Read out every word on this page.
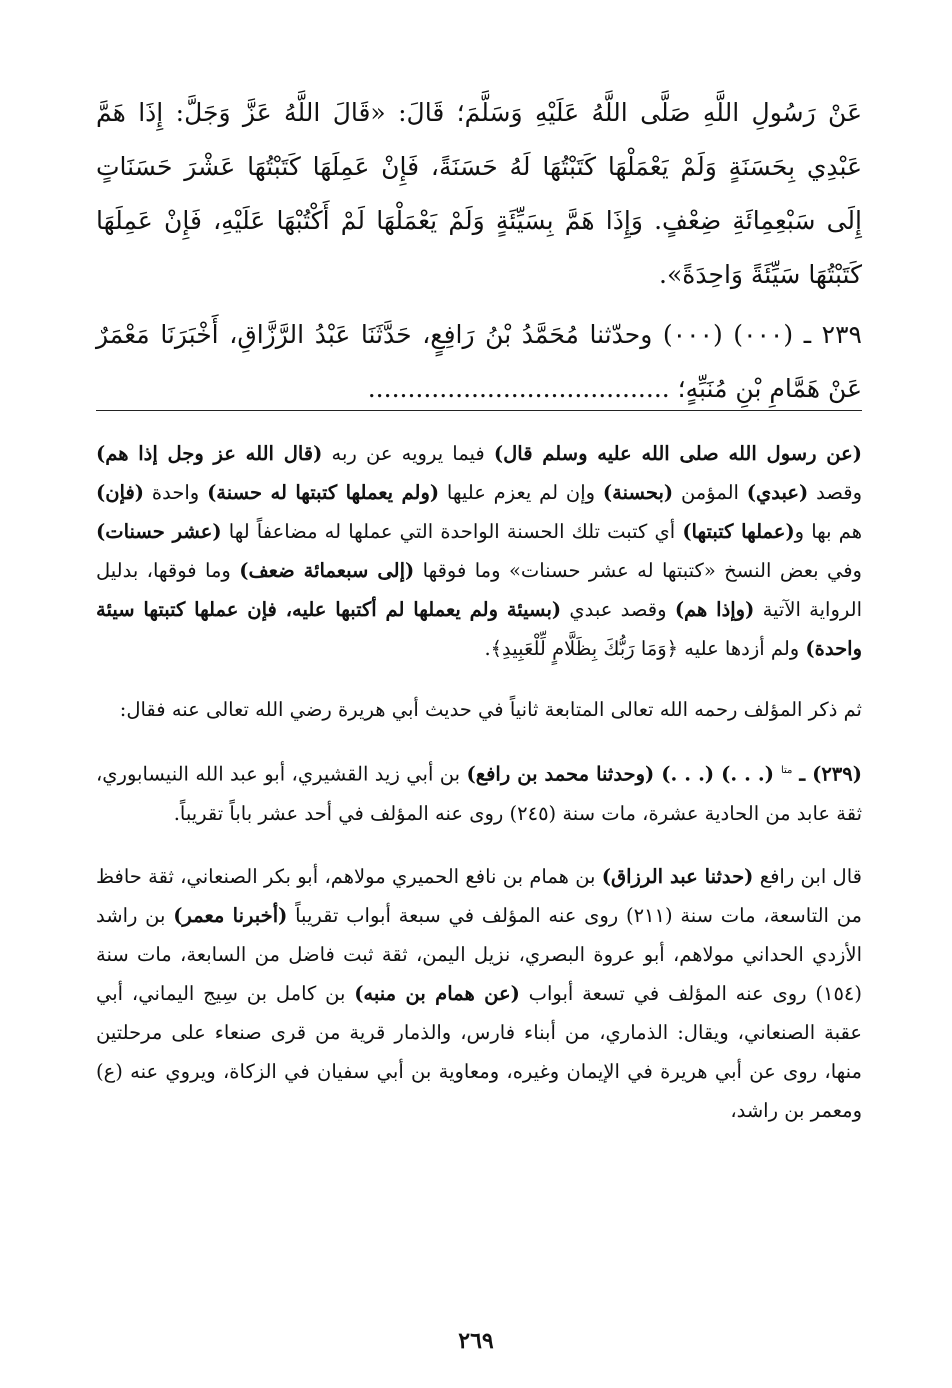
عَنْ رَسُولِ اللَّهِ صَلَّى اللَّهُ عَلَيْهِ وَسَلَّمَ؛ قَالَ: «قَالَ اللَّهُ عَزَّ وَجَلَّ: إِذَا هَمَّ عَبْدِي بِحَسَنَةٍ وَلَمْ يَعْمَلْهَا كَتَبْتُهَا لَهُ حَسَنَةً، فَإِنْ عَمِلَهَا كَتَبْتُهَا عَشْرَ حَسَنَاتٍ إِلَى سَبْعِمِائَةِ ضِعْفٍ. وَإِذَا هَمَّ بِسَيِّئَةٍ وَلَمْ يَعْمَلْهَا لَمْ أَكْتُبْهَا عَلَيْهِ، فَإِنْ عَمِلَهَا كَتَبْتُهَا سَيِّئَةً وَاحِدَةً».

٢٣٩ ـ (٠٠٠) (٠٠٠) وحدّثنا مُحَمَّدُ بْنُ رَافِعٍ، حَدَّثَنَا عَبْدُ الرَّزَّاقِ، أَخْبَرَنَا مَعْمَرٌ عَنْ هَمَّامِ بْنِ مُنَبِّهٍ؛ ......................................

(عن رسول الله صلى الله عليه وسلم قال) فيما يرويه عن ربه (قال الله عز وجل إذا هم) وقصد (عبدي) المؤمن (بحسنة) وإن لم يعزم عليها (ولم يعملها كتبتها له حسنة) واحدة (فإن) هم بها و(عملها كتبتها) أي كتبت تلك الحسنة الواحدة التي عملها له مضاعفاً لها (عشر حسنات) وفي بعض النسخ «كتبتها له عشر حسنات» وما فوقها (إلى سبعمائة ضعف) وما فوقها، بدليل الرواية الآتية (وإذا هم) وقصد عبدي (بسيئة ولم يعملها لم أكتبها عليه، فإن عملها كتبتها سيئة واحدة) ولم أزدها عليه ﴿وَمَا رَبُّكَ بِظَلَّامٍ لِّلْعَبِيدِ﴾.

ثم ذكر المؤلف رحمه الله تعالى المتابعة ثانياً في حديث أبي هريرة رضي الله تعالى عنه فقال:

(٢٣٩) ـ $^{متا}$ (. . .) (. . .) (وحدثنا محمد بن رافع) بن أبي زيد القشيري، أبو عبد الله النيسابوري، ثقة عابد من الحادية عشرة، مات سنة (٢٤٥) روى عنه المؤلف في أحد عشر باباً تقريباً.

قال ابن رافع (حدثنا عبد الرزاق) بن همام بن نافع الحميري مولاهم، أبو بكر الصنعاني، ثقة حافظ من التاسعة، مات سنة (٢١١) روى عنه المؤلف في سبعة أبواب تقريباً (أخبرنا معمر) بن راشد الأزدي الحداني مولاهم، أبو عروة البصري، نزيل اليمن، ثقة ثبت فاضل من السابعة، مات سنة (١٥٤) روى عنه المؤلف في تسعة أبواب (عن همام بن منبه) بن كامل بن سِيج اليماني، أبي عقبة الصنعاني، ويقال: الذماري، من أبناء فارس، والذمار قرية من قرى صنعاء على مرحلتين منها، روى عن أبي هريرة في الإيمان وغيره، ومعاوية بن أبي سفيان في الزكاة، ويروي عنه (ع) ومعمر بن راشد،

٢٦٩
